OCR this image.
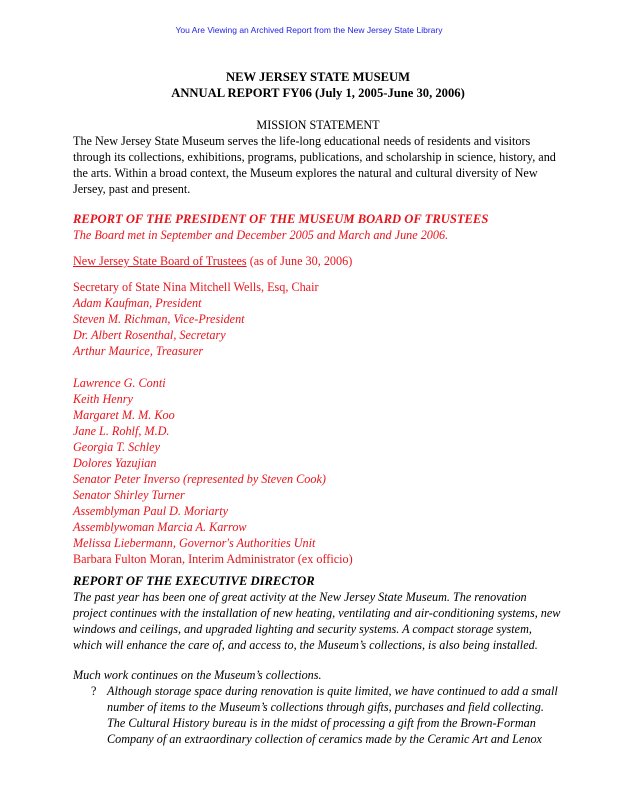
You Are Viewing an Archived Report from the New Jersey State Library

NEW JERSEY STATE MUSEUM

ANNUAL REPORT FY06 (July 1, 2005-June 30, 2006)

MISSION STATEMENT

The New Jersey State Museum serves the life-long educational needs of residents and visitors through its collections, exhibitions, programs, publications, and scholarship in science, history, and the arts. Within a broad context, the Museum explores the natural and cultural diversity of New Jersey, past and present.

REPORT OF THE PRESIDENT OF THE MUSEUM BOARD OF TRUSTEES

The Board met in September and December 2005 and March and June 2006.

New Jersey State Board of Trustees (as of June 30, 2006)

Secretary of State Nina Mitchell Wells, Esq, Chair

Adam Kaufman, President

Steven M. Richman, Vice-President

Dr. Albert Rosenthal, Secretary

Arthur Maurice, Treasurer

Lawrence G. Conti

Keith Henry

Margaret M. M. Koo

Jane L. Rohlf, M.D.

Georgia T. Schley

Dolores Yazujian

Senator Peter Inverso (represented by Steven Cook)

Senator Shirley Turner

Assemblyman Paul D. Moriarty

Assemblywoman Marcia A. Karrow

Melissa Liebermann, Governor's Authorities Unit

Barbara Fulton Moran, Interim Administrator (ex officio)

REPORT OF THE EXECUTIVE DIRECTOR

The past year has been one of great activity at the New Jersey State Museum. The renovation project continues with the installation of new heating, ventilating and air-conditioning systems, new windows and ceilings, and upgraded lighting and security systems. A compact storage system, which will enhance the care of, and access to, the Museum’s collections, is also being installed.

Much work continues on the Museum’s collections.

? Although storage space during renovation is quite limited, we have continued to add a small number of items to the Museum’s collections through gifts, purchases and field collecting. The Cultural History bureau is in the midst of processing a gift from the Brown-Forman Company of an extraordinary collection of ceramics made by the Ceramic Art and Lenox
